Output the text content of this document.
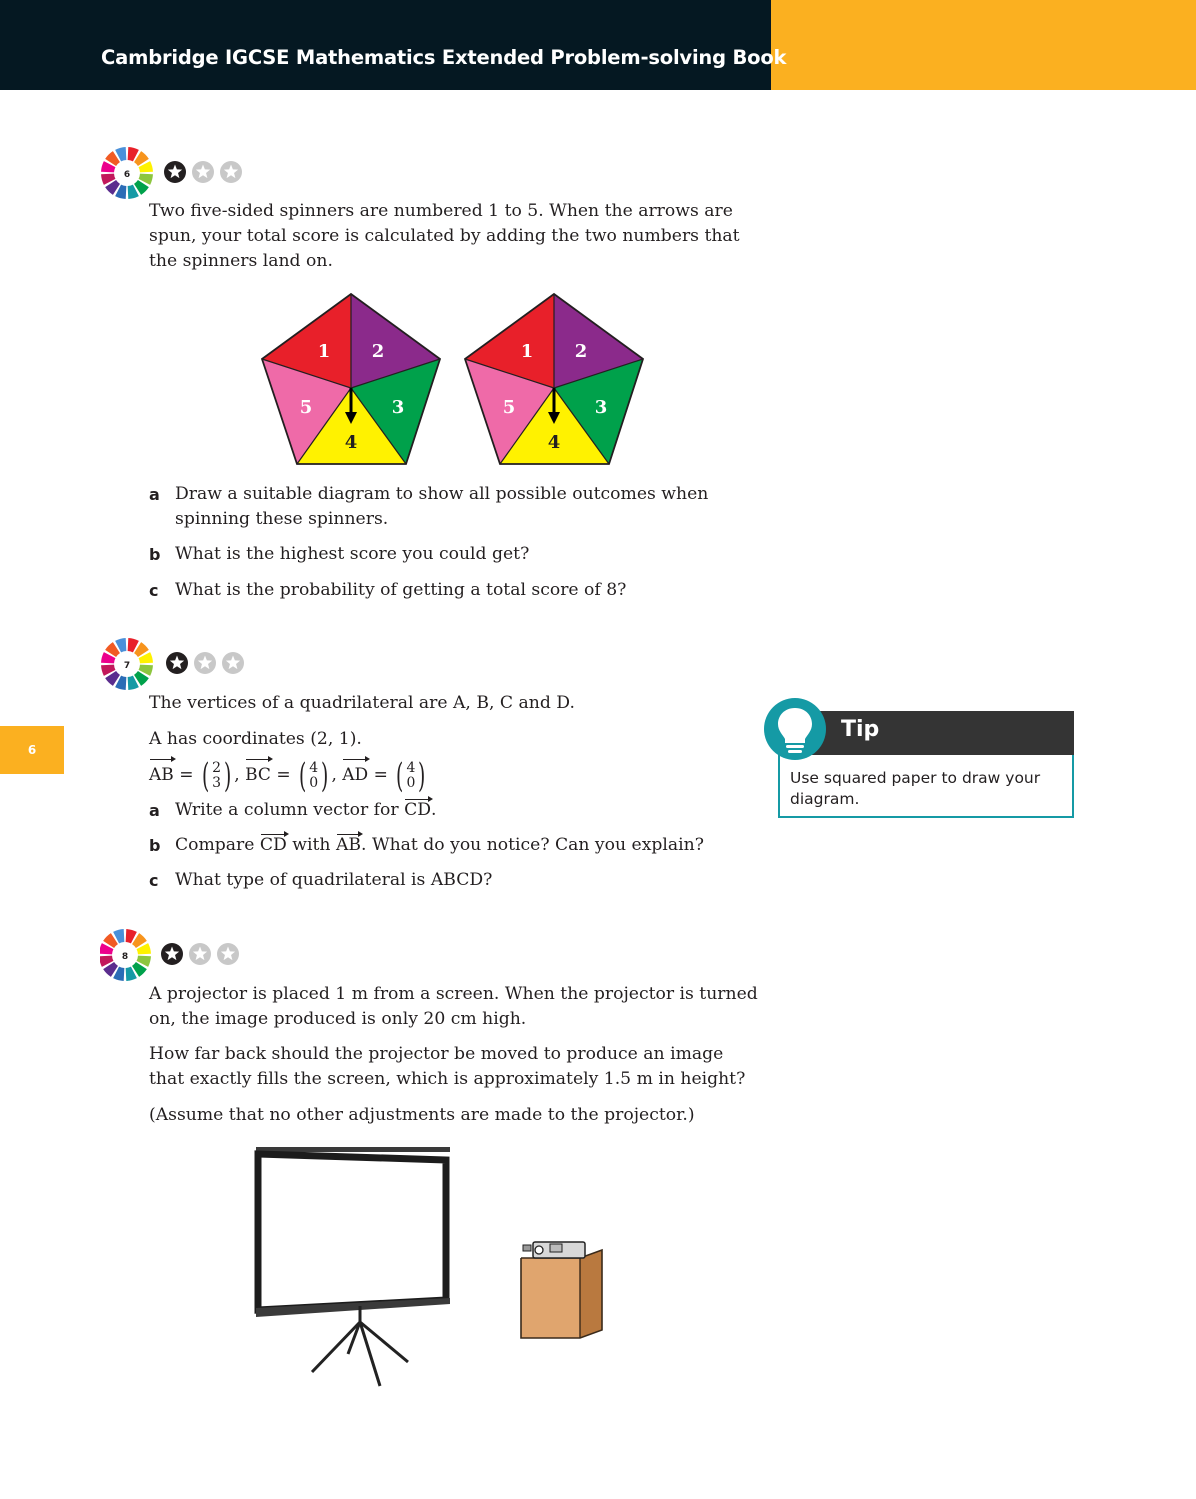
Cambridge IGCSE Mathematics Extended Problem-solving Book
6
6

Two five-sided spinners are numbered 1 to 5. When the arrows are spun, your total score is calculated by adding the two numbers that the spinners land on.

1 2
3
4
5
1 2
3
4
5
a Draw a suitable diagram to show all possible outcomes when spinning these spinners.
b What is the highest score you could get?
c What is the probability of getting a total score of 8?
7

The vertices of a quadrilateral are A, B, C and D.

A has coordinates (2, 1).

AB = ( 2
3 ) , BC = ( 4
0 ) , AD = ( 4
0 )
a Write a column vector for CD.
b Compare CD with AB. What do you notice? Can you explain?
c What type of quadrilateral is ABCD?
Tip
Use squared paper to draw your diagram.
8

A projector is placed 1 m from a screen. When the projector is turned on, the image produced is only 20 cm high.

How far back should the projector be moved to produce an image that exactly fills the screen, which is approximately 1.5 m in height?

(Assume that no other adjustments are made to the projector.)
